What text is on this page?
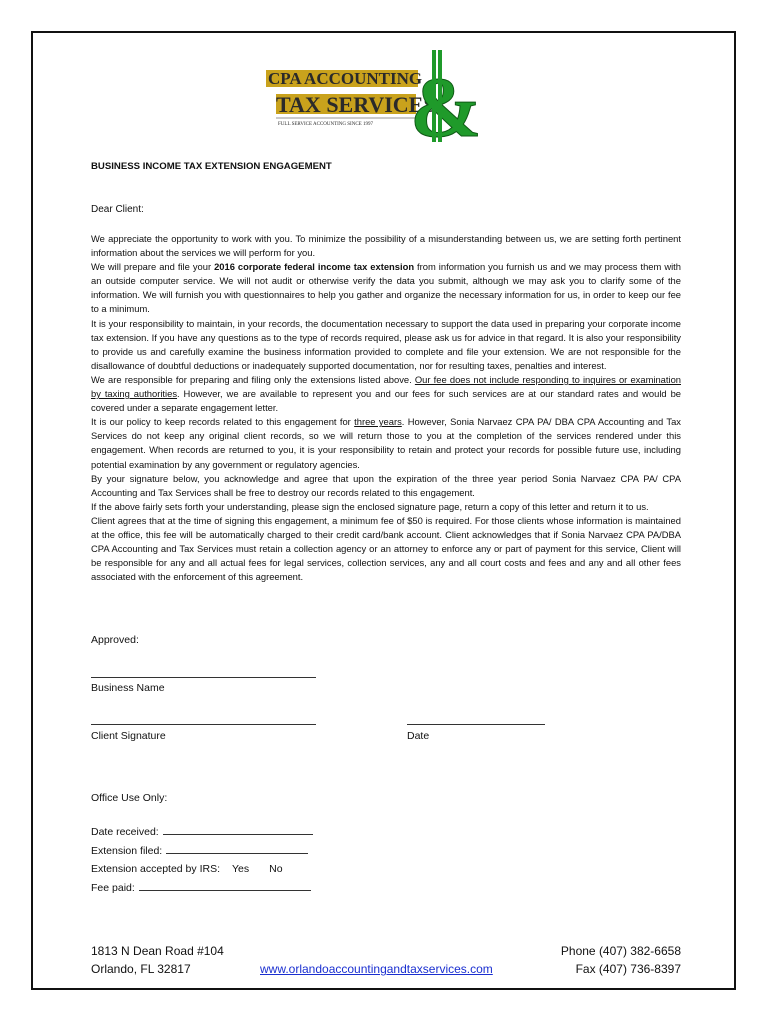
CPA ACCOUNTING
TAX SERVICES
FULL SERVICE ACCOUNTING SINCE 1997 &
BUSINESS INCOME TAX EXTENSION ENGAGEMENT
Dear Client:

We appreciate the opportunity to work with you. To minimize the possibility of a misunderstanding between us, we are setting forth pertinent information about the services we will perform for you.

We will prepare and file your 2016 corporate federal income tax extension from information you furnish us and we may process them with an outside computer service. We will not audit or otherwise verify the data you submit, although we may ask you to clarify some of the information. We will furnish you with questionnaires to help you gather and organize the necessary information for us, in order to keep our fee to a minimum.

It is your responsibility to maintain, in your records, the documentation necessary to support the data used in preparing your corporate income tax extension. If you have any questions as to the type of records required, please ask us for advice in that regard. It is also your responsibility to provide us and carefully examine the business information provided to complete and file your extension. We are not responsible for the disallowance of doubtful deductions or inadequately supported documentation, nor for resulting taxes, penalties and interest.

We are responsible for preparing and filing only the extensions listed above. Our fee does not include responding to inquires or examination by taxing authorities. However, we are available to represent you and our fees for such services are at our standard rates and would be covered under a separate engagement letter.

It is our policy to keep records related to this engagement for three years. However, Sonia Narvaez CPA PA/ DBA CPA Accounting and Tax Services do not keep any original client records, so we will return those to you at the completion of the services rendered under this engagement. When records are returned to you, it is your responsibility to retain and protect your records for possible future use, including potential examination by any government or regulatory agencies.

By your signature below, you acknowledge and agree that upon the expiration of the three year period Sonia Narvaez CPA PA/ CPA Accounting and Tax Services shall be free to destroy our records related to this engagement.

If the above fairly sets forth your understanding, please sign the enclosed signature page, return a copy of this letter and return it to us.

Client agrees that at the time of signing this engagement, a minimum fee of $50 is required. For those clients whose information is maintained at the office, this fee will be automatically charged to their credit card/bank account. Client acknowledges that if Sonia Narvaez CPA PA/DBA CPA Accounting and Tax Services must retain a collection agency or an attorney to enforce any or part of payment for this service, Client will be responsible for any and all actual fees for legal services, collection services, any and all court costs and fees and any and all other fees associated with the enforcement of this agreement.

Approved:
Business Name
Client Signature	Date
Office Use Only:
Date received:
Extension filed:
Extension accepted by IRS: Yes No
Fee paid:
1813 N Dean Road #104
Orlando, FL 32817	www.orlandoaccountingandtaxservices.com
Phone (407) 382-6658
Fax (407) 736-8397
